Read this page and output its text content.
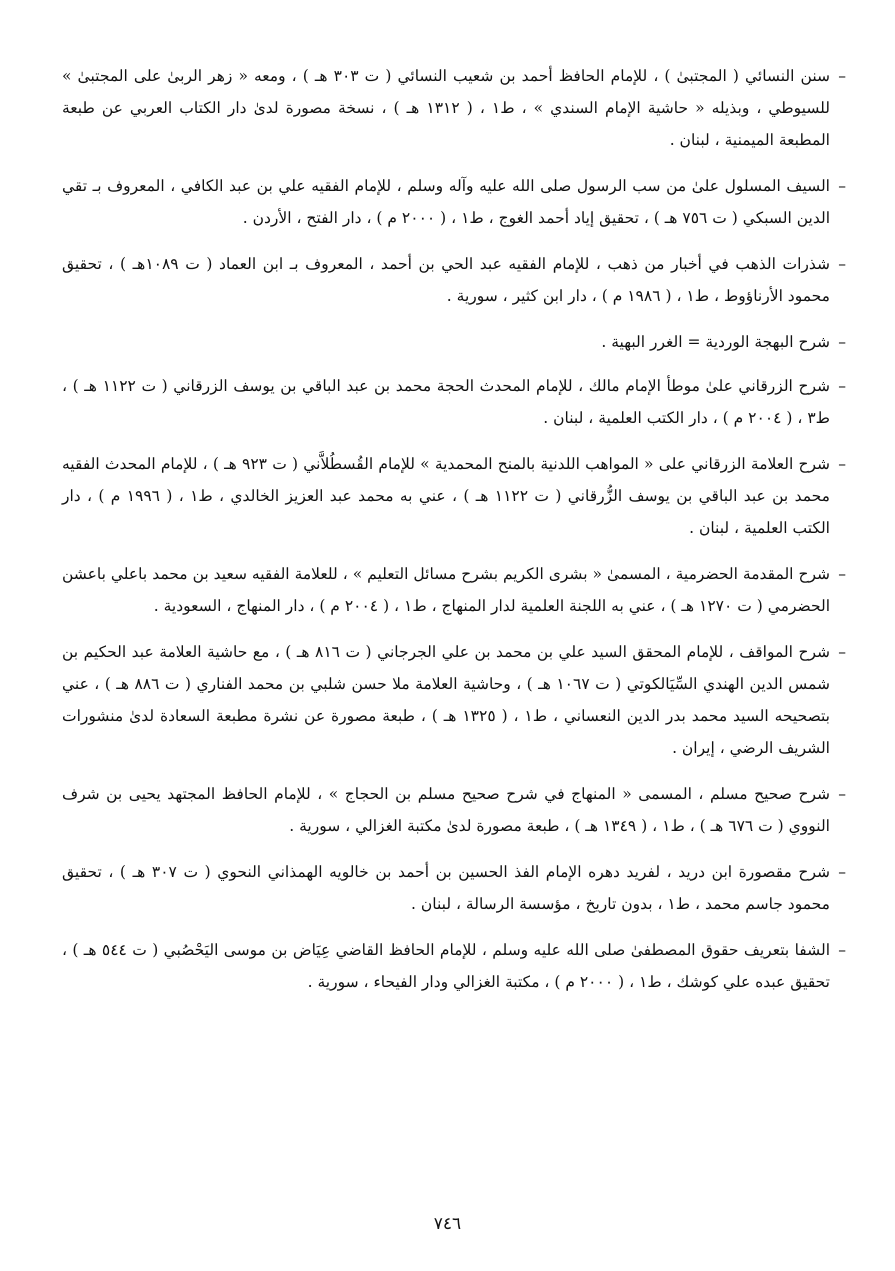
– سنن النسائي ( المجتبىٰ ) ، للإمام الحافظ أحمد بن شعيب النسائي ( ت ٣٠٣ هـ ) ، ومعه « زهر الربىٰ على المجتبىٰ » للسيوطي ، وبذيله « حاشية الإمام السندي » ، ط١ ، ( ١٣١٢ هـ ) ، نسخة مصورة لدىٰ دار الكتاب العربي عن طبعة المطبعة الميمنية ، لبنان .

– السيف المسلول علىٰ من سب الرسول صلى الله عليه وآله وسلم ، للإمام الفقيه علي بن عبد الكافي ، المعروف بـ تقي الدين السبكي ( ت ٧٥٦ هـ ) ، تحقيق إياد أحمد الغوج ، ط١ ، ( ٢٠٠٠ م ) ، دار الفتح ، الأردن .

– شذرات الذهب في أخبار من ذهب ، للإمام الفقيه عبد الحي بن أحمد ، المعروف بـ ابن العماد ( ت ١٠٨٩هـ ) ، تحقيق محمود الأرناؤوط ، ط١ ، ( ١٩٨٦ م ) ، دار ابن كثير ، سورية .

– شرح البهجة الوردية = الغرر البهية .

– شرح الزرقاني علىٰ موطأ الإمام مالك ، للإمام المحدث الحجة محمد بن عبد الباقي بن يوسف الزرقاني ( ت ١١٢٢ هـ ) ، ط٣ ، ( ٢٠٠٤ م ) ، دار الكتب العلمية ، لبنان .

– شرح العلامة الزرقاني على « المواهب اللدنية بالمنح المحمدية » للإمام القُسطُلاَّني ( ت ٩٢٣ هـ ) ، للإمام المحدث الفقيه محمد بن عبد الباقي بن يوسف الزُّرقاني ( ت ١١٢٢ هـ ) ، عني به محمد عبد العزيز الخالدي ، ط١ ، ( ١٩٩٦ م ) ، دار الكتب العلمية ، لبنان .

– شرح المقدمة الحضرمية ، المسمىٰ « بشرى الكريم بشرح مسائل التعليم » ، للعلامة الفقيه سعيد بن محمد باعلي باعشن الحضرمي ( ت ١٢٧٠ هـ ) ، عني به اللجنة العلمية لدار المنهاج ، ط١ ، ( ٢٠٠٤ م ) ، دار المنهاج ، السعودية .

– شرح المواقف ، للإمام المحقق السيد علي بن محمد بن علي الجرجاني ( ت ٨١٦ هـ ) ، مع حاشية العلامة عبد الحكيم بن شمس الدين الهندي السِّيَالكوتي ( ت ١٠٦٧ هـ ) ، وحاشية العلامة ملا حسن شلبي بن محمد الفناري ( ت ٨٨٦ هـ ) ، عني بتصحيحه السيد محمد بدر الدين النعساني ، ط١ ، ( ١٣٢٥ هـ ) ، طبعة مصورة عن نشرة مطبعة السعادة لدىٰ منشورات الشريف الرضي ، إيران .

– شرح صحيح مسلم ، المسمى « المنهاج في شرح صحيح مسلم بن الحجاج » ، للإمام الحافظ المجتهد يحيى بن شرف النووي ( ت ٦٧٦ هـ ) ، ط١ ، ( ١٣٤٩ هـ ) ، طبعة مصورة لدىٰ مكتبة الغزالي ، سورية .

– شرح مقصورة ابن دريد ، لفريد دهره الإمام الفذ الحسين بن أحمد بن خالويه الهمذاني النحوي ( ت ٣٠٧ هـ ) ، تحقيق محمود جاسم محمد ، ط١ ، بدون تاريخ ، مؤسسة الرسالة ، لبنان .

– الشفا بتعريف حقوق المصطفىٰ صلى الله عليه وسلم ، للإمام الحافظ القاضي عِيَاض بن موسى اليَحْصُبي ( ت ٥٤٤ هـ ) ، تحقيق عبده علي كوشك ، ط١ ، ( ٢٠٠٠ م ) ، مكتبة الغزالي ودار الفيحاء ، سورية .

٧٤٦
